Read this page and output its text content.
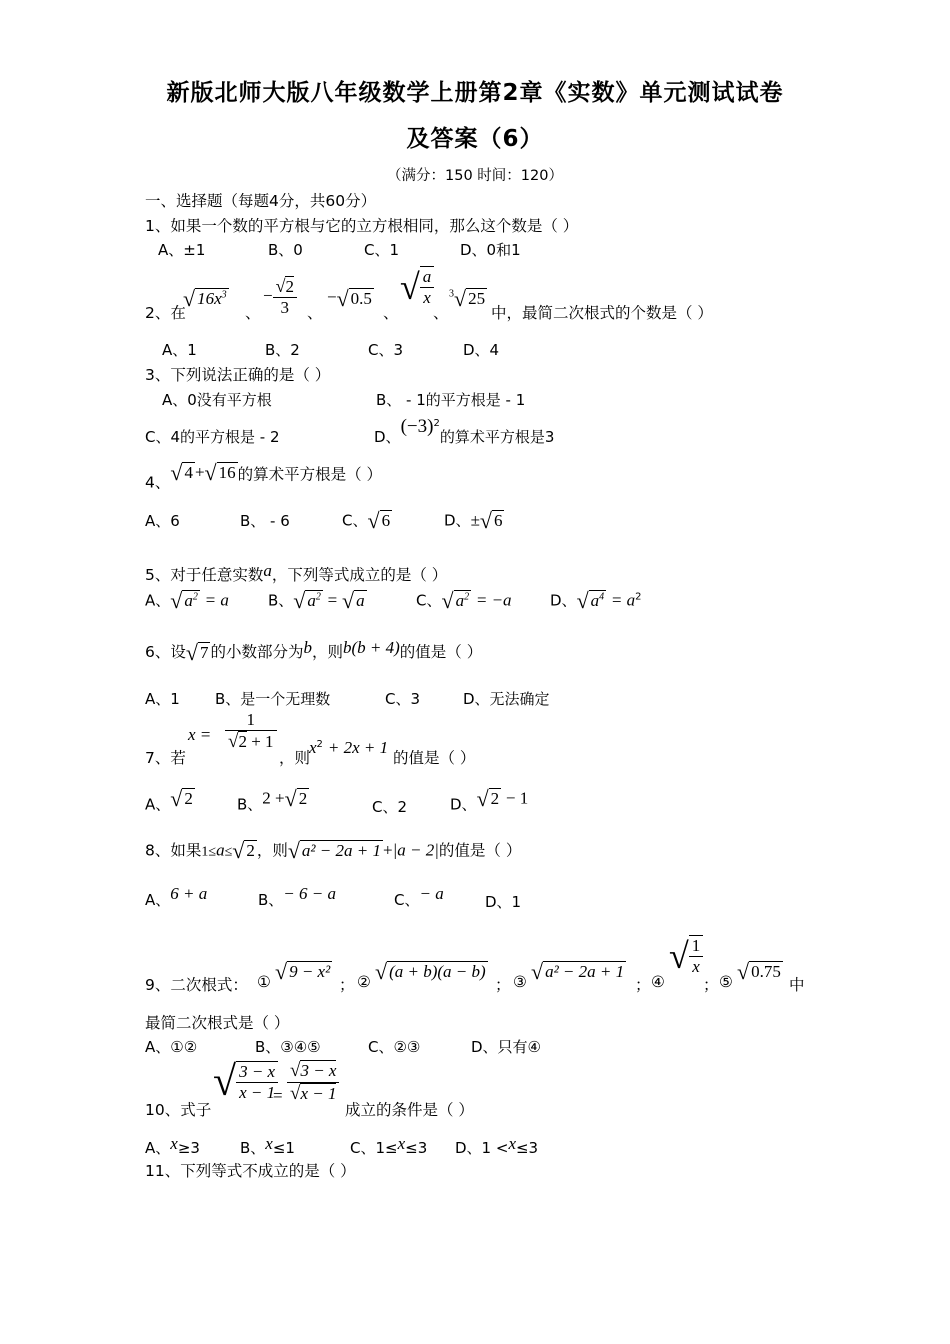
新版北师大版八年级数学上册第2章《实数》单元测试试卷
及答案（6）
（满分：150 时间：120）
一、选择题（每题4分，共60分）
1、如果一个数的平方根与它的立方根相同，那么这个数是（ ）
A、±1	B、0	C、1	D、0和1
2、在
√ $16x^3$
、
− $\frac{√2}{3}$ 、
−√ 0.5
、
√ $\frac{a}{x}$
、
$^3$√ 25
中，最简二次根式的个数是（ ）
A、1	B、2	C、3	D、4
3、下列说法正确的是（ ）
A、0没有平方根	B、 - 1的平方根是 - 1
C、4的平方根是 - 2	D、$(-3)^2$的算术平方根是3
4、√ 4 +√ 16 的算术平方根是（ ）
A、6	B、 - 6	C、√ 6	D、±√ 6
5、对于任意实数a，下列等式成立的是（ ）
A、√ $a^2 = a$	B、√ $a^2$ = √ a	C、√ $a^2 = -a$	D、√ $a^4 = a^2$
6、设√ 7 的小数部分为b，则b(b + 4)的值是（ ）
A、1 B、是一个无理数	C、3	D、无法确定
7、若
$x = \frac{1}{√2 + 1}$
，则
$x^2 + 2x + 1$
的值是（ ）
A、√ 2	B、2 +√ 2	C、2	D、√ 2 − 1
8、如果1≤a≤√ 2 ，则√ a² − 2a + 1 +|a − 2|的值是（ ）
A、6 + a	B、− 6 − a	C、− a	D、1
9、二次根式： ① √ 9 − x²
； ② √ (a + b)(a − b)
； ③ √ a² − 2a + 1
； ④
√ $\frac{1}{x}$
； ⑤ √ 0.75
中
最简二次根式是（ ）
A、①②	B、③④⑤	C、②③	D、只有④
10、式子
√ $\frac{3 - x}{x - 1}$
= $\frac{√3 - x}{√x - 1}$
成立的条件是（ ）
A、x≥3	B、x≤1	C、1≤x≤3 D、1 <x≤3
11、下列等式不成立的是（ ）
